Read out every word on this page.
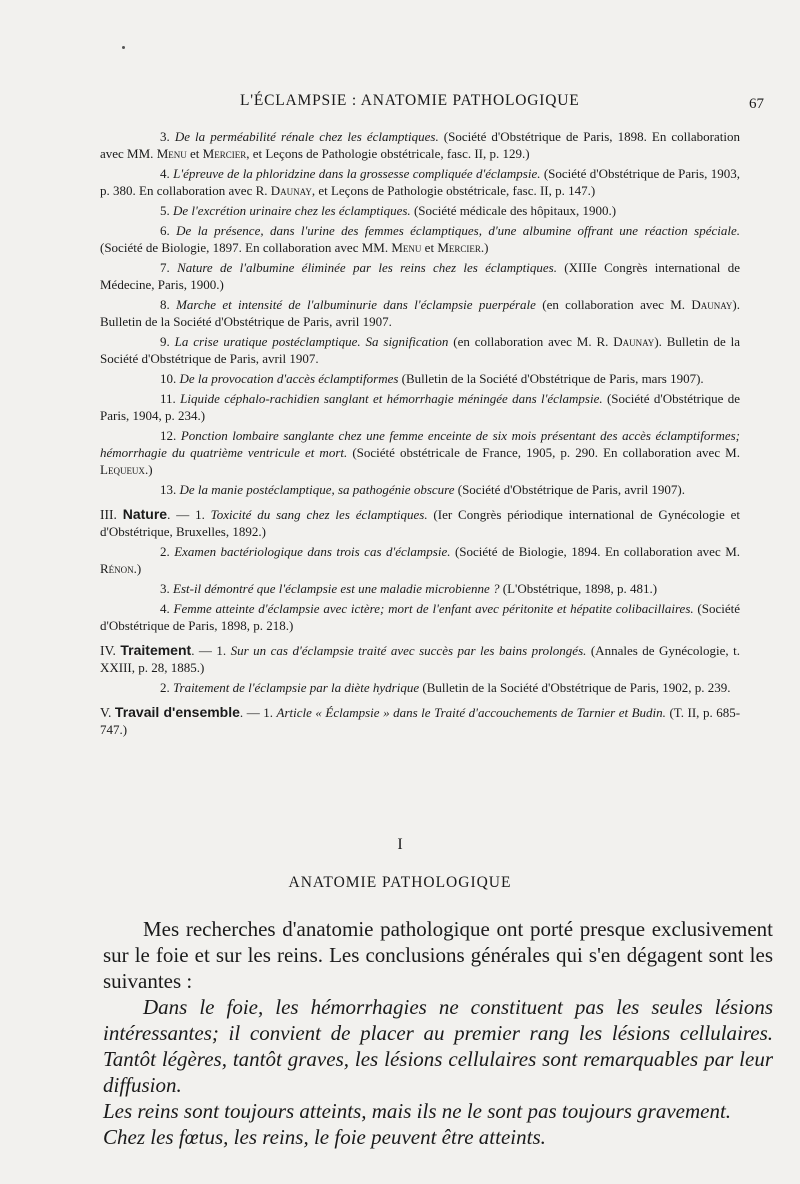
L'ÉCLAMPSIE : ANATOMIE PATHOLOGIQUE	67

3. De la perméabilité rénale chez les éclamptiques. (Société d'Obstétrique de Paris, 1898. En collaboration avec MM. Menu et Mercier, et Leçons de Pathologie obstétricale, fasc. II, p. 129.)

4. L'épreuve de la phloridzine dans la grossesse compliquée d'éclampsie. (Société d'Obstétrique de Paris, 1903, p. 380. En collaboration avec R. Daunay, et Leçons de Pathologie obstétricale, fasc. II, p. 147.)

5. De l'excrétion urinaire chez les éclamptiques. (Société médicale des hôpitaux, 1900.)

6. De la présence, dans l'urine des femmes éclamptiques, d'une albumine offrant une réaction spéciale. (Société de Biologie, 1897. En collaboration avec MM. Menu et Mercier.)

7. Nature de l'albumine éliminée par les reins chez les éclamptiques. (XIIIe Congrès international de Médecine, Paris, 1900.)

8. Marche et intensité de l'albuminurie dans l'éclampsie puerpérale (en collaboration avec M. Daunay). Bulletin de la Société d'Obstétrique de Paris, avril 1907.

9. La crise uratique postéclamptique. Sa signification (en collaboration avec M. R. Daunay). Bulletin de la Société d'Obstétrique de Paris, avril 1907.

10. De la provocation d'accès éclamptiformes (Bulletin de la Société d'Obstétrique de Paris, mars 1907).

11. Liquide céphalo-rachidien sanglant et hémorrhagie méningée dans l'éclampsie. (Société d'Obstétrique de Paris, 1904, p. 234.)

12. Ponction lombaire sanglante chez une femme enceinte de six mois présentant des accès éclamptiformes; hémorrhagie du quatrième ventricule et mort. (Société obstétricale de France, 1905, p. 290. En collaboration avec M. Lequeux.)

13. De la manie postéclamptique, sa pathogénie obscure (Société d'Obstétrique de Paris, avril 1907).

III. Nature. — 1. Toxicité du sang chez les éclamptiques. (Ier Congrès périodique international de Gynécologie et d'Obstétrique, Bruxelles, 1892.)

2. Examen bactériologique dans trois cas d'éclampsie. (Société de Biologie, 1894. En collaboration avec M. Rénon.)

3. Est-il démontré que l'éclampsie est une maladie microbienne ? (L'Obstétrique, 1898, p. 481.)

4. Femme atteinte d'éclampsie avec ictère; mort de l'enfant avec péritonite et hépatite colibacillaires. (Société d'Obstétrique de Paris, 1898, p. 218.)

IV. Traitement. — 1. Sur un cas d'éclampsie traité avec succès par les bains prolongés. (Annales de Gynécologie, t. XXIII, p. 28, 1885.)

2. Traitement de l'éclampsie par la diète hydrique (Bulletin de la Société d'Obstétrique de Paris, 1902, p. 239.

V. Travail d'ensemble. — 1. Article « Éclampsie » dans le Traité d'accouchements de Tarnier et Budin. (T. II, p. 685-747.)

I
ANATOMIE PATHOLOGIQUE

Mes recherches d'anatomie pathologique ont porté presque exclusivement sur le foie et sur les reins. Les conclusions générales qui s'en dégagent sont les suivantes :

Dans le foie, les hémorrhagies ne constituent pas les seules lésions intéressantes; il convient de placer au premier rang les lésions cellulaires. Tantôt légères, tantôt graves, les lésions cellulaires sont remarquables par leur diffusion.

Les reins sont toujours atteints, mais ils ne le sont pas toujours gravement.

Chez les fœtus, les reins, le foie peuvent être atteints.
